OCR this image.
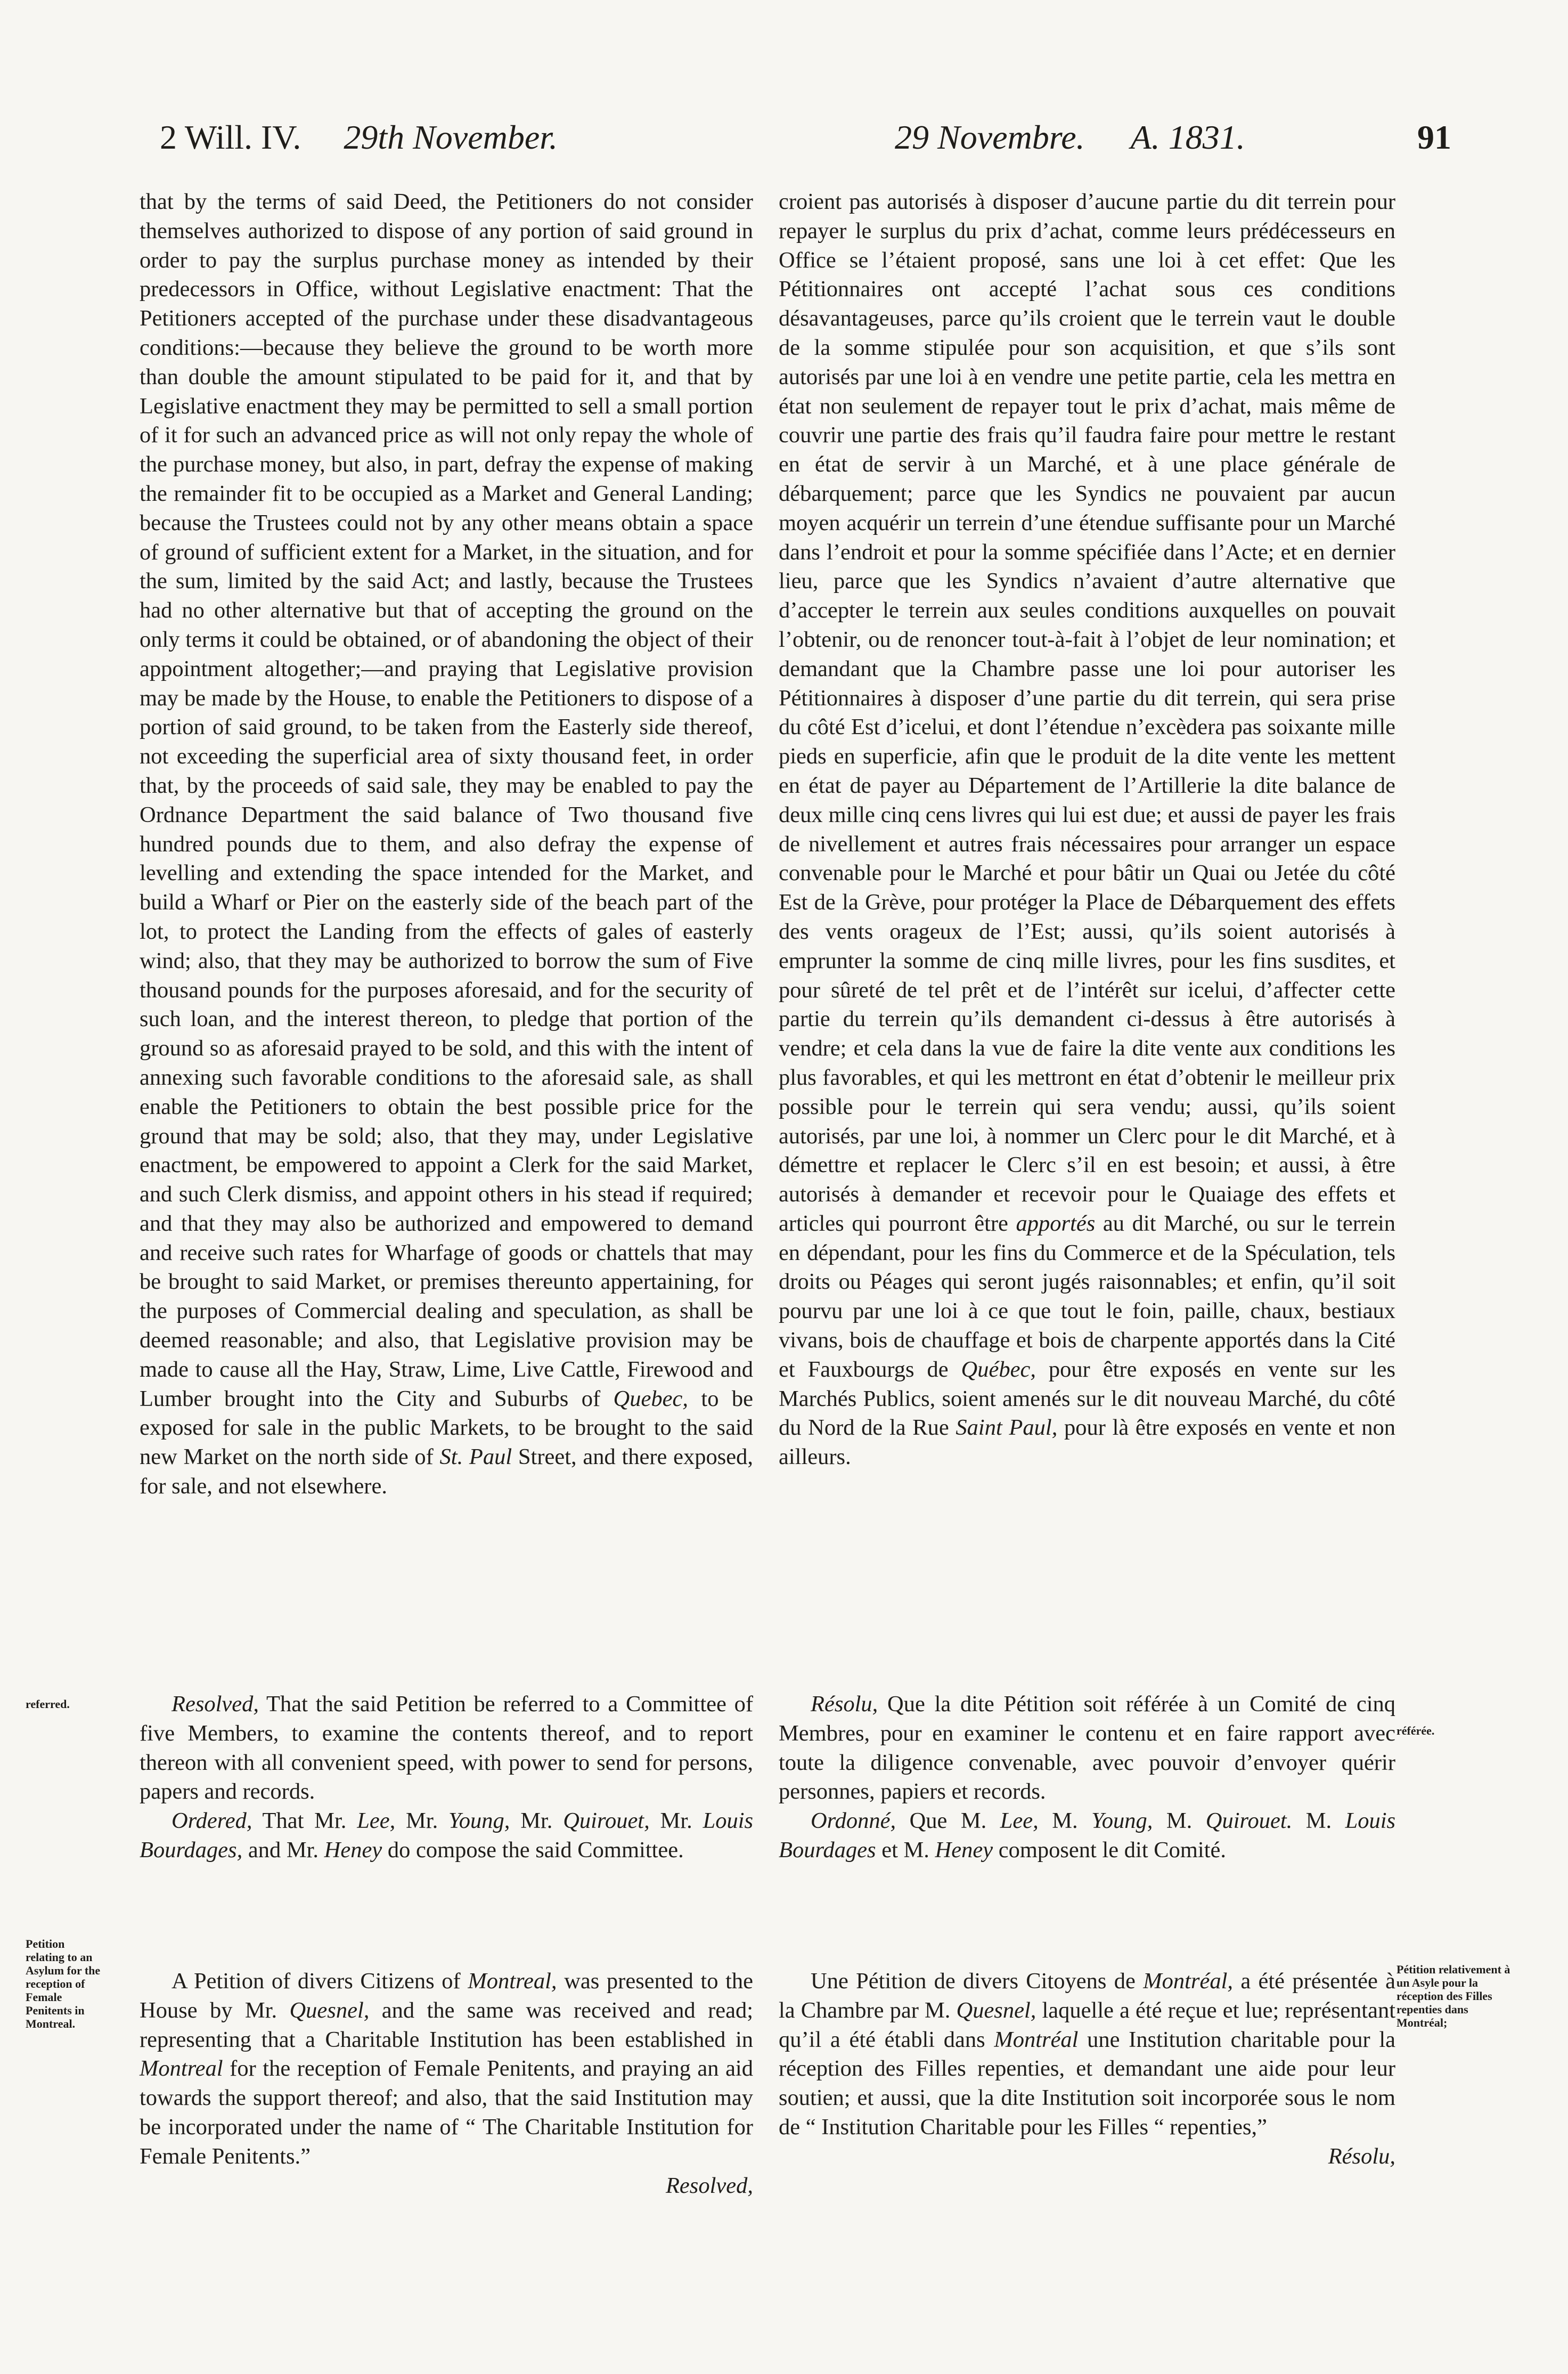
2 Will. IV. 29th November.	29 Novembre. A. 1831.	91

that by the terms of said Deed, the Petitioners do not consider themselves authorized to dispose of any portion of said ground in order to pay the surplus purchase money as intended by their predecessors in Office, without Legislative enactment: That the Petitioners accepted of the purchase under these disadvantageous conditions:—because they believe the ground to be worth more than double the amount stipulated to be paid for it, and that by Legislative enactment they may be permitted to sell a small portion of it for such an advanced price as will not only repay the whole of the purchase money, but also, in part, defray the expense of making the remainder fit to be occupied as a Market and General Landing; because the Trustees could not by any other means obtain a space of ground of sufficient extent for a Market, in the situation, and for the sum, limited by the said Act; and lastly, because the Trustees had no other alternative but that of accepting the ground on the only terms it could be obtained, or of abandoning the object of their appointment altogether;—and praying that Legislative provision may be made by the House, to enable the Petitioners to dispose of a portion of said ground, to be taken from the Easterly side thereof, not exceeding the superficial area of sixty thousand feet, in order that, by the proceeds of said sale, they may be enabled to pay the Ordnance Department the said balance of Two thousand five hundred pounds due to them, and also defray the expense of levelling and extending the space intended for the Market, and build a Wharf or Pier on the easterly side of the beach part of the lot, to protect the Landing from the effects of gales of easterly wind; also, that they may be authorized to borrow the sum of Five thousand pounds for the purposes aforesaid, and for the security of such loan, and the interest thereon, to pledge that portion of the ground so as aforesaid prayed to be sold, and this with the intent of annexing such favorable conditions to the aforesaid sale, as shall enable the Petitioners to obtain the best possible price for the ground that may be sold; also, that they may, under Legislative enactment, be empowered to appoint a Clerk for the said Market, and such Clerk dismiss, and appoint others in his stead if required; and that they may also be authorized and empowered to demand and receive such rates for Wharfage of goods or chattels that may be brought to said Market, or premises thereunto appertaining, for the purposes of Commercial dealing and speculation, as shall be deemed reasonable; and also, that Legislative provision may be made to cause all the Hay, Straw, Lime, Live Cattle, Firewood and Lumber brought into the City and Suburbs of Quebec, to be exposed for sale in the public Markets, to be brought to the said new Market on the north side of St. Paul Street, and there exposed, for sale, and not elsewhere.

Resolved, That the said Petition be referred to a Committee of five Members, to examine the contents thereof, and to report thereon with all convenient speed, with power to send for persons, papers and records.

Ordered, That Mr. Lee, Mr. Young, Mr. Quirouet, Mr. Louis Bourdages, and Mr. Heney do compose the said Committee.

A Petition of divers Citizens of Montreal, was presented to the House by Mr. Quesnel, and the same was received and read; representing that a Charitable Institution has been established in Montreal for the reception of Female Penitents, and praying an aid towards the support thereof; and also, that the said Institution may be incorporated under the name of “ The Charitable Institution for Female Penitents.”

Resolved,

croient pas autorisés à disposer d’aucune partie du dit terrein pour repayer le surplus du prix d’achat, comme leurs prédécesseurs en Office se l’étaient proposé, sans une loi à cet effet: Que les Pétitionnaires ont accepté l’achat sous ces conditions désavantageuses, parce qu’ils croient que le terrein vaut le double de la somme stipulée pour son acquisition, et que s’ils sont autorisés par une loi à en vendre une petite partie, cela les mettra en état non seulement de repayer tout le prix d’achat, mais même de couvrir une partie des frais qu’il faudra faire pour mettre le restant en état de servir à un Marché, et à une place générale de débarquement; parce que les Syndics ne pouvaient par aucun moyen acquérir un terrein d’une étendue suffisante pour un Marché dans l’endroit et pour la somme spécifiée dans l’Acte; et en dernier lieu, parce que les Syndics n’avaient d’autre alternative que d’accepter le terrein aux seules conditions auxquelles on pouvait l’obtenir, ou de renoncer tout-à-fait à l’objet de leur nomination; et demandant que la Chambre passe une loi pour autoriser les Pétitionnaires à disposer d’une partie du dit terrein, qui sera prise du côté Est d’icelui, et dont l’étendue n’excèdera pas soixante mille pieds en superficie, afin que le produit de la dite vente les mettent en état de payer au Département de l’Artillerie la dite balance de deux mille cinq cens livres qui lui est due; et aussi de payer les frais de nivellement et autres frais nécessaires pour arranger un espace convenable pour le Marché et pour bâtir un Quai ou Jetée du côté Est de la Grève, pour protéger la Place de Débarquement des effets des vents orageux de l’Est; aussi, qu’ils soient autorisés à emprunter la somme de cinq mille livres, pour les fins susdites, et pour sûreté de tel prêt et de l’intérêt sur icelui, d’affecter cette partie du terrein qu’ils demandent ci-dessus à être autorisés à vendre; et cela dans la vue de faire la dite vente aux conditions les plus favorables, et qui les mettront en état d’obtenir le meilleur prix possible pour le terrein qui sera vendu; aussi, qu’ils soient autorisés, par une loi, à nommer un Clerc pour le dit Marché, et à démettre et replacer le Clerc s’il en est besoin; et aussi, à être autorisés à demander et recevoir pour le Quaiage des effets et articles qui pourront être apportés au dit Marché, ou sur le terrein en dépendant, pour les fins du Commerce et de la Spéculation, tels droits ou Péages qui seront jugés raisonnables; et enfin, qu’il soit pourvu par une loi à ce que tout le foin, paille, chaux, bestiaux vivans, bois de chauffage et bois de charpente apportés dans la Cité et Fauxbourgs de Québec, pour être exposés en vente sur les Marchés Publics, soient amenés sur le dit nouveau Marché, du côté du Nord de la Rue Saint Paul, pour là être exposés en vente et non ailleurs.

Résolu, Que la dite Pétition soit référée à un Comité de cinq Membres, pour en examiner le contenu et en faire rapport avec toute la diligence convenable, avec pouvoir d’envoyer quérir personnes, papiers et records.

Ordonné, Que M. Lee, M. Young, M. Quirouet. M. Louis Bourdages et M. Heney composent le dit Comité.

Une Pétition de divers Citoyens de Montréal, a été présentée à la Chambre par M. Quesnel, laquelle a été reçue et lue; représentant qu’il a été établi dans Montréal une Institution charitable pour la réception des Filles repenties, et demandant une aide pour leur soutien; et aussi, que la dite Institution soit incorporée sous le nom de “ Institution Charitable pour les Filles “ repenties,”

Résolu,
referred.
Petition relating to an Asylum for the reception of Female Penitents in Montreal.
référée.
Pétition relativement à un Asyle pour la réception des Filles repenties dans Montréal;
